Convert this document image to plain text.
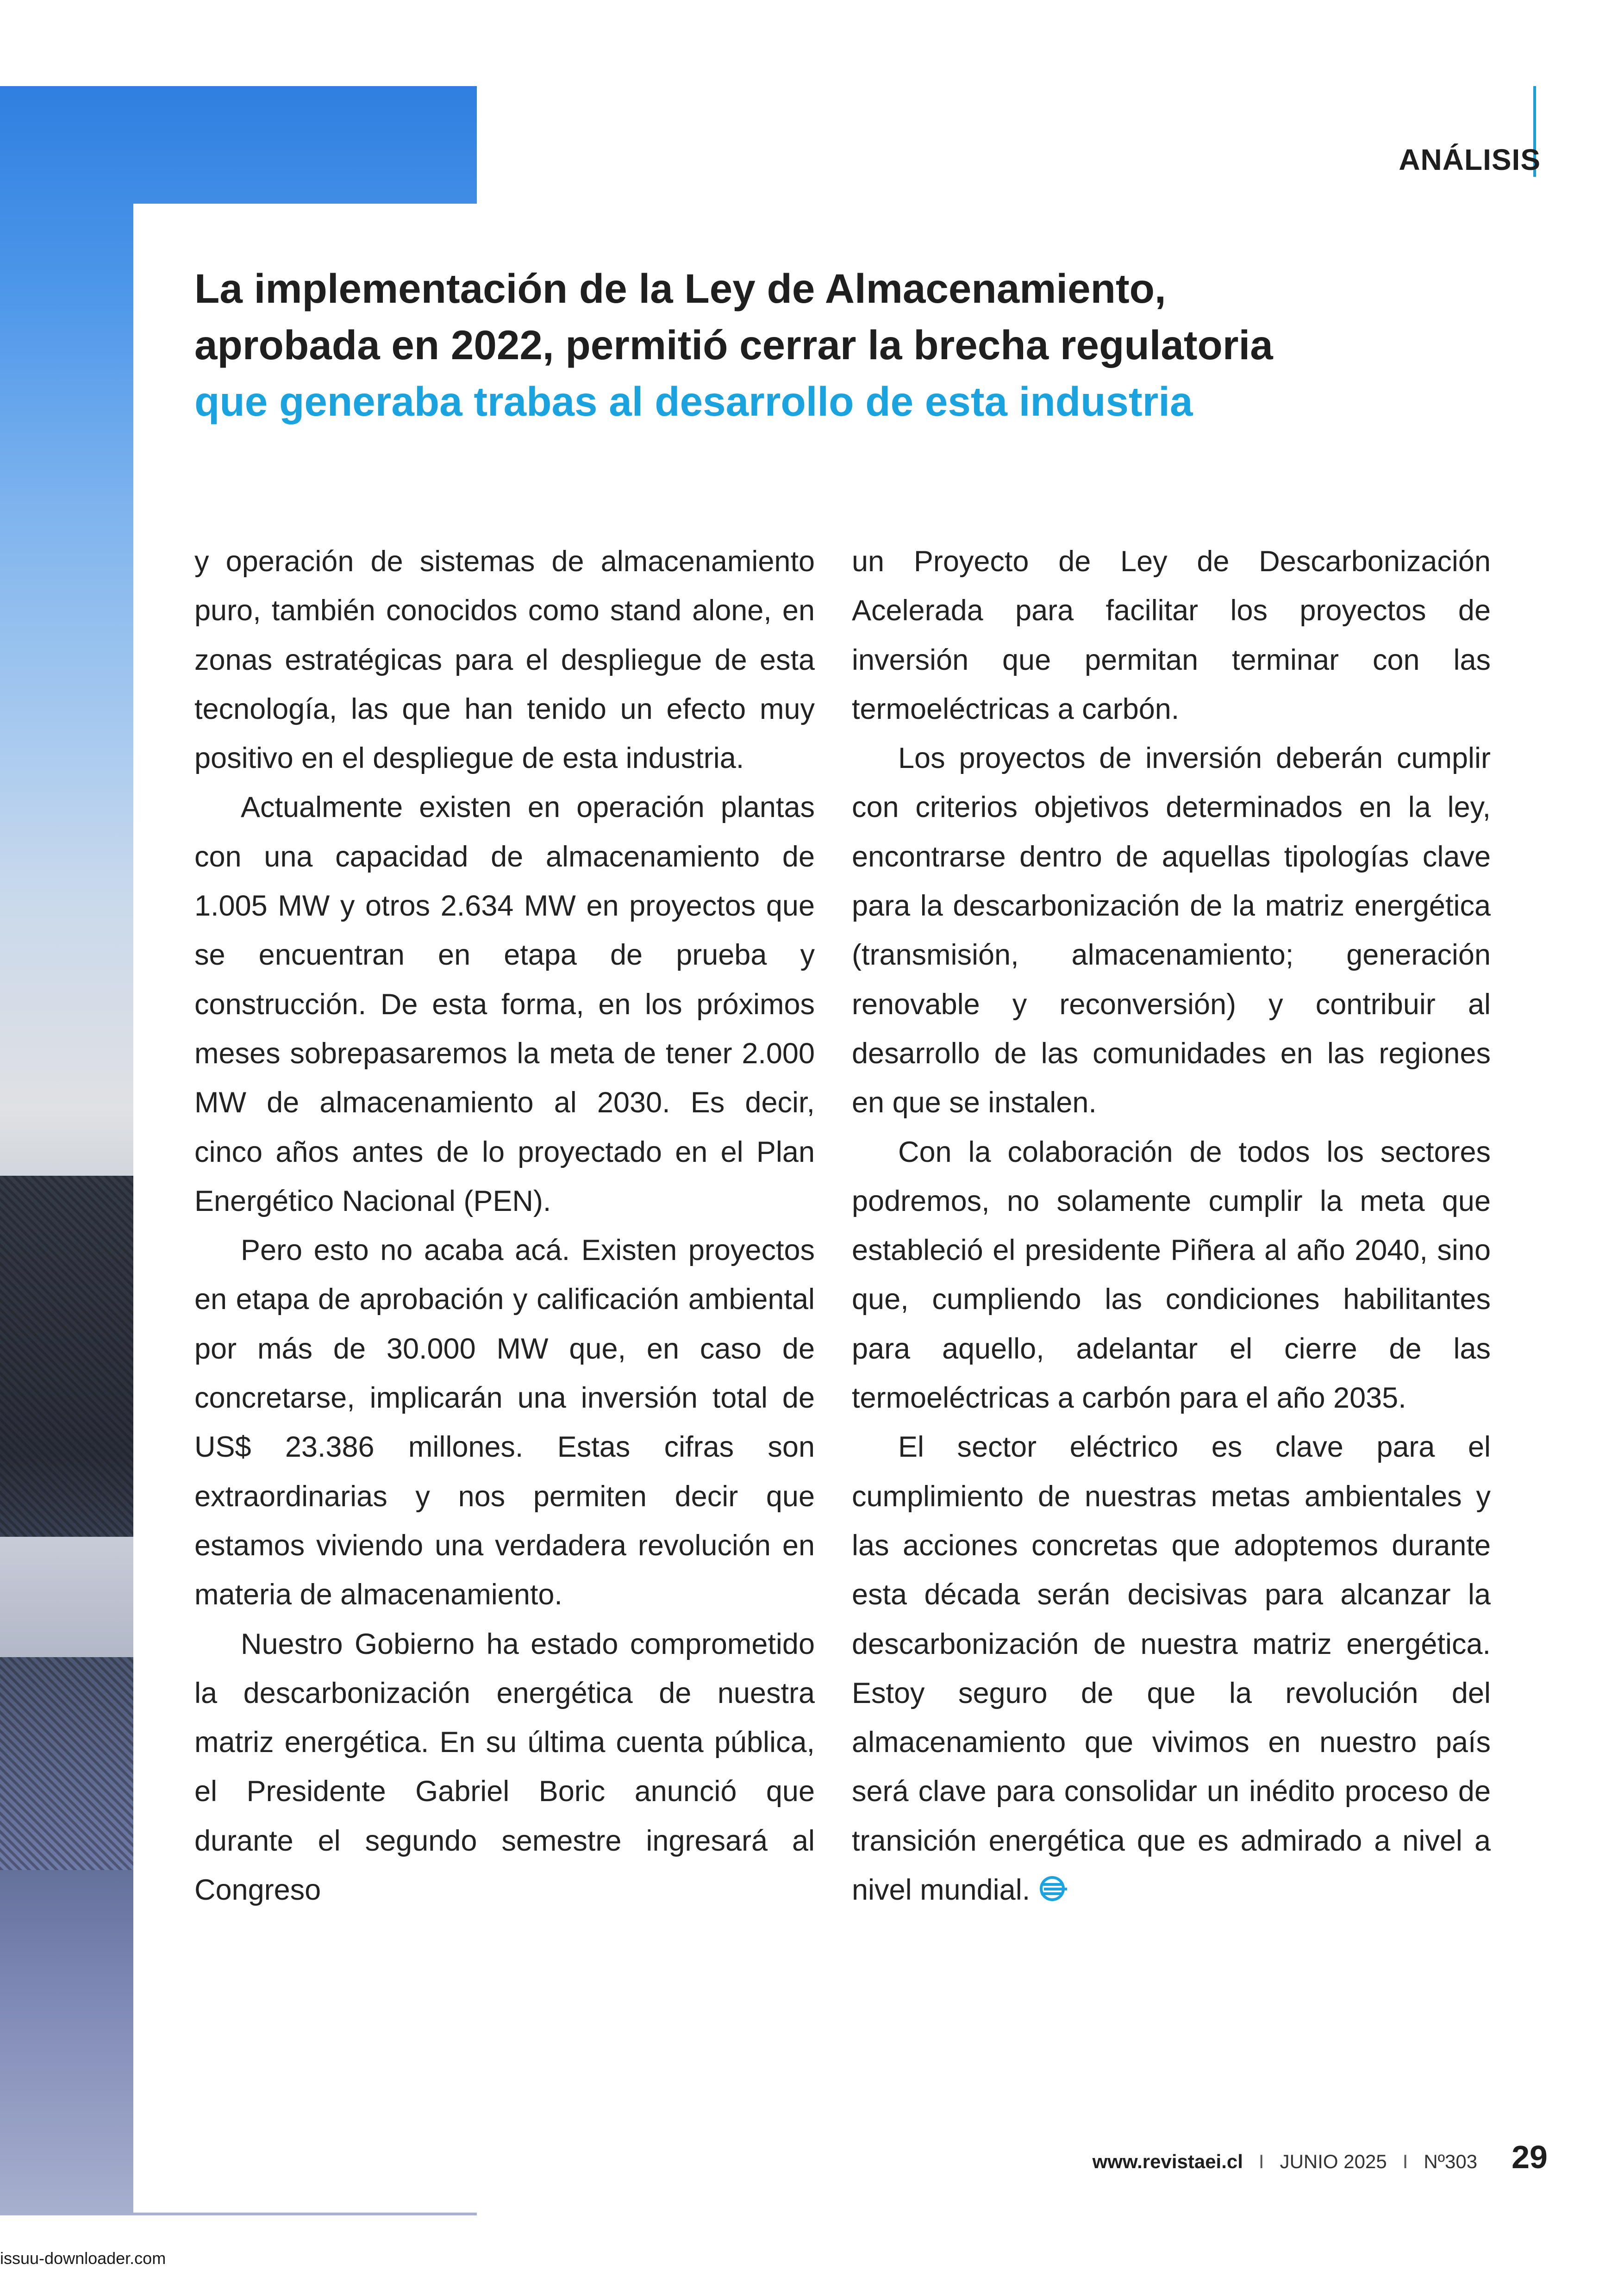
ANÁLISIS
La implementación de la Ley de Almacenamiento,
aprobada en 2022, permitió cerrar la brecha regulatoria
que generaba trabas al desarrollo de esta industria

y operación de sistemas de almacenamiento puro, también conocidos como stand alone, en zonas estratégicas para el despliegue de esta tecnología, las que han tenido un efecto muy positivo en el despliegue de esta industria.

Actualmente existen en operación plantas con una capacidad de almacenamiento de 1.005 MW y otros 2.634 MW en proyectos que se encuentran en etapa de prueba y construcción. De esta forma, en los próximos meses sobrepasaremos la meta de tener 2.000 MW de almacenamiento al 2030. Es decir, cinco años antes de lo proyectado en el Plan Energético Nacional (PEN).

Pero esto no acaba acá. Existen proyectos en etapa de aprobación y calificación ambiental por más de 30.000 MW que, en caso de concretarse, implicarán una inversión total de US$ 23.386 millones. Estas cifras son extraordinarias y nos permiten decir que estamos viviendo una verdadera revolución en materia de almacenamiento.

Nuestro Gobierno ha estado comprometido la descarbonización energética de nuestra matriz energética. En su última cuenta pública, el Presidente Gabriel Boric anunció que durante el segundo semestre ingresará al Congreso

un Proyecto de Ley de Descarbonización Acelerada para facilitar los proyectos de inversión que permitan terminar con las termoeléctricas a carbón.

Los proyectos de inversión deberán cumplir con criterios objetivos determinados en la ley, encontrarse dentro de aquellas tipologías clave para la descarbonización de la matriz energética (transmisión, almacenamiento; generación renovable y reconversión) y contribuir al desarrollo de las comunidades en las regiones en que se instalen.

Con la colaboración de todos los sectores podremos, no solamente cumplir la meta que estableció el presidente Piñera al año 2040, sino que, cumpliendo las condiciones habilitantes para aquello, adelantar el cierre de las termoeléctricas a carbón para el año 2035.

El sector eléctrico es clave para el cumplimiento de nuestras metas ambientales y las acciones concretas que adoptemos durante esta década serán decisivas para alcanzar la descarbonización de nuestra matriz energética. Estoy seguro de que la revolución del almacenamiento que vivimos en nuestro país será clave para consolidar un inédito proceso de transición energética que es admirado a nivel a nivel mundial.

www.revistaei.cl I JUNIO 2025 I Nº303 29
issuu-downloader.com
